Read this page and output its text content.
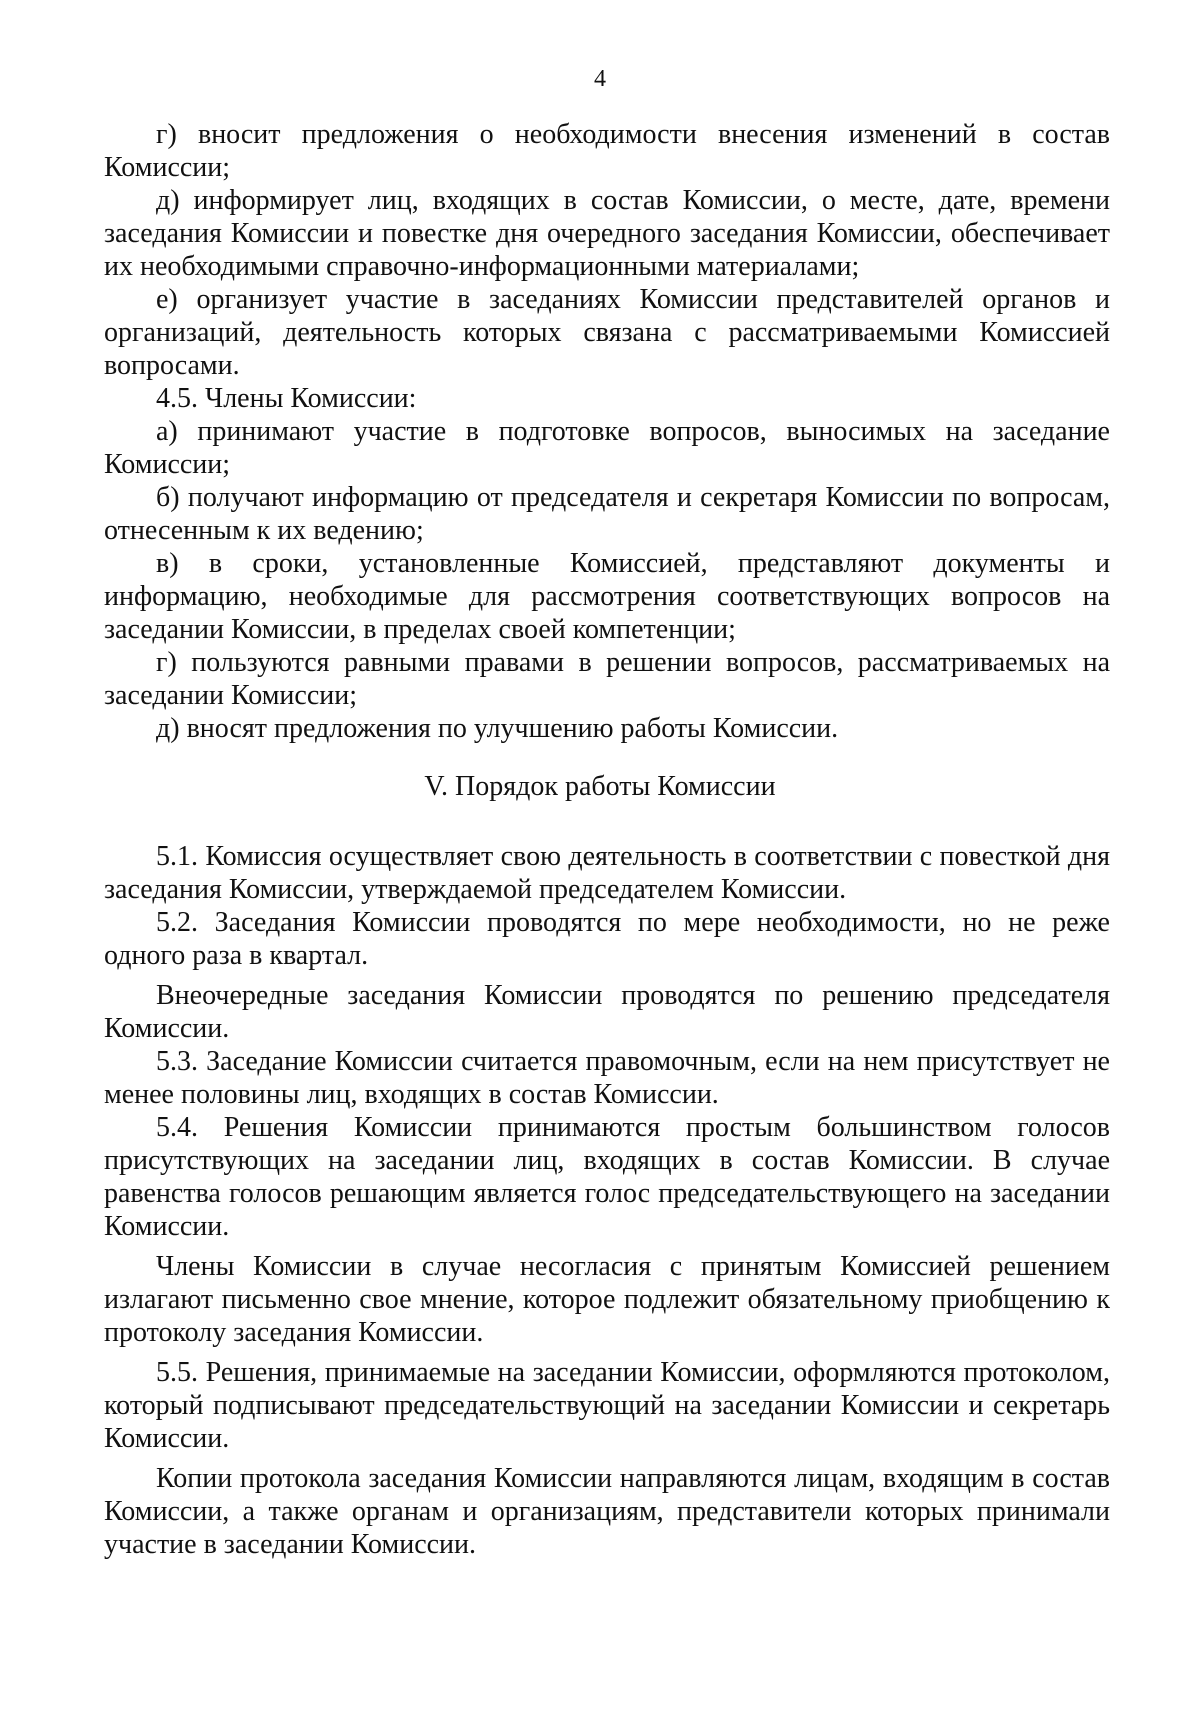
4

г) вносит предложения о необходимости внесения изменений в состав Комиссии;

д) информирует лиц, входящих в состав Комиссии, о месте, дате, времени заседания Комиссии и повестке дня очередного заседания Комиссии, обеспечивает их необходимыми справочно-информационными материалами;

е) организует участие в заседаниях Комиссии представителей органов и организаций, деятельность которых связана с рассматриваемыми Комиссией вопросами.

4.5. Члены Комиссии:

а) принимают участие в подготовке вопросов, выносимых на заседание Комиссии;

б) получают информацию от председателя и секретаря Комиссии по вопросам, отнесенным к их ведению;

в) в сроки, установленные Комиссией, представляют документы и информацию, необходимые для рассмотрения соответствующих вопросов на заседании Комиссии, в пределах своей компетенции;

г) пользуются равными правами в решении вопросов, рассматриваемых на заседании Комиссии;

д) вносят предложения по улучшению работы Комиссии.

V. Порядок работы Комиссии

5.1. Комиссия осуществляет свою деятельность в соответствии с повесткой дня заседания Комиссии, утверждаемой председателем Комиссии.

5.2. Заседания Комиссии проводятся по мере необходимости, но не реже одного раза в квартал.

Внеочередные заседания Комиссии проводятся по решению председателя Комиссии.

5.3. Заседание Комиссии считается правомочным, если на нем присутствует не менее половины лиц, входящих в состав Комиссии.

5.4. Решения Комиссии принимаются простым большинством голосов присутствующих на заседании лиц, входящих в состав Комиссии. В случае равенства голосов решающим является голос председательствующего на заседании Комиссии.

Члены Комиссии в случае несогласия с принятым Комиссией решением излагают письменно свое мнение, которое подлежит обязательному приобщению к протоколу заседания Комиссии.

5.5. Решения, принимаемые на заседании Комиссии, оформляются протоколом, который подписывают председательствующий на заседании Комиссии и секретарь Комиссии.

Копии протокола заседания Комиссии направляются лицам, входящим в состав Комиссии, а также органам и организациям, представители которых принимали участие в заседании Комиссии.
